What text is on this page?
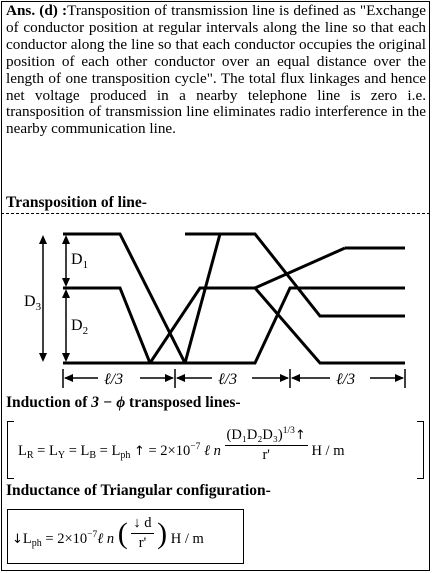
Ans. (d) :Transposition of transmission line is defined as "Exchange of conductor position at regular intervals along the line so that each conductor along the line so that each conductor occupies the original position of each other conductor over an equal distance over the length of one transposition cycle". The total flux linkages and hence net voltage produced in a nearby telephone line is zero i.e. transposition of transmission line eliminates radio interference in the nearby communication line.
Transposition of line-
$D_1$
$D_2$
$D_3$
ℓ/3	ℓ/3	ℓ/3
Induction of 3 − ϕ transposed lines-
$L_R = L_Y = L_B = L_{ph}$ ↑ = $2\times 10^{-7}$ ℓ n $\frac{(D_1D_2D_3)^{1/3}↑}{r'}$ H / m
Inductance of Triangular configuration-
$↓L_{ph}$ = $2\times 10^{-7}\ell$ n ( $\frac{↓ d}{r'}$ ) H / m
